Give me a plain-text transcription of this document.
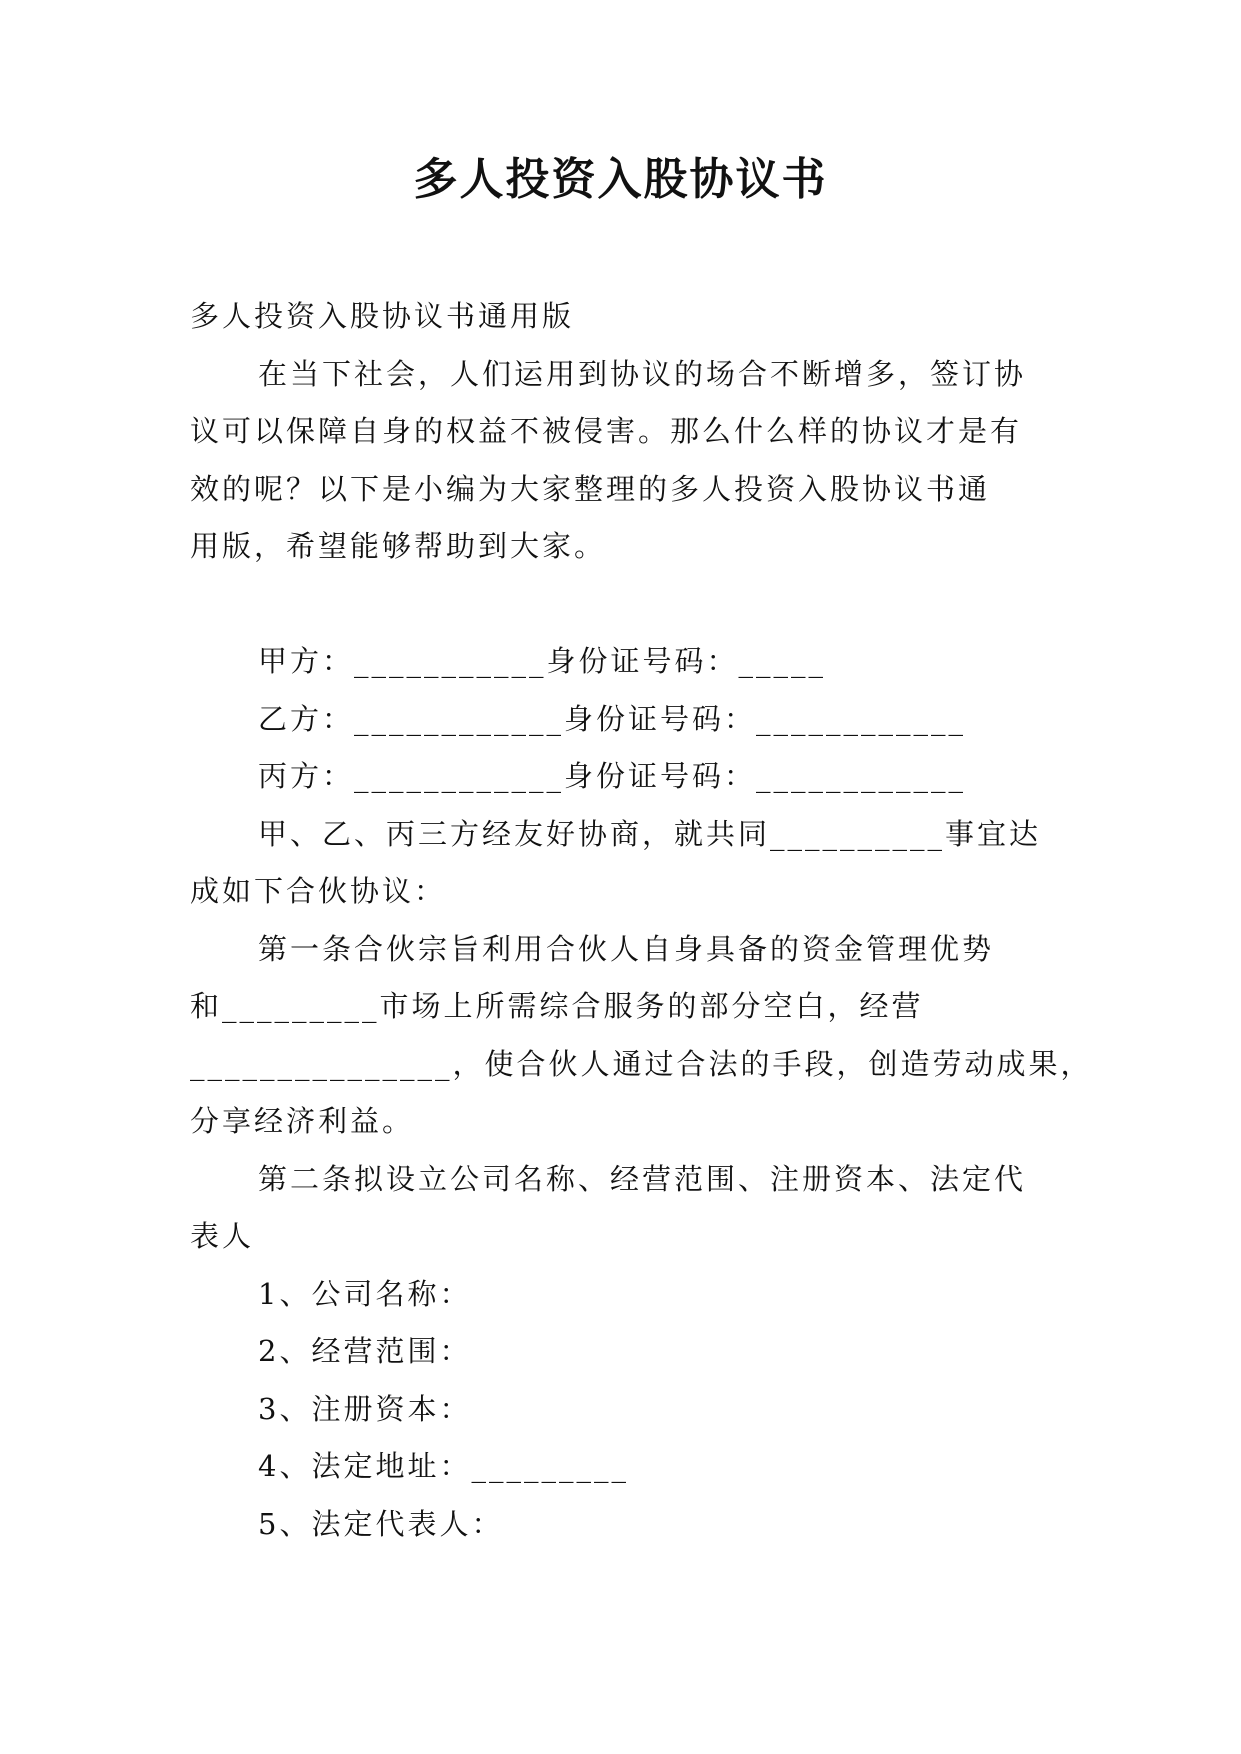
多人投资入股协议书

多人投资入股协议书通用版

在当下社会，人们运用到协议的场合不断增多，签订协

议可以保障自身的权益不被侵害。那么什么样的协议才是有

效的呢？以下是小编为大家整理的多人投资入股协议书通

用版，希望能够帮助到大家。

甲方：___________身份证号码：_____

乙方：____________身份证号码：____________

丙方：____________身份证号码：____________

甲、乙、丙三方经友好协商，就共同__________事宜达

成如下合伙协议：

第一条合伙宗旨利用合伙人自身具备的资金管理优势

和_________市场上所需综合服务的部分空白，经营

_______________，使合伙人通过合法的手段，创造劳动成果，

分享经济利益。

第二条拟设立公司名称、经营范围、注册资本、法定代

表人

1、公司名称：

2、经营范围：

3、注册资本：

4、法定地址：_________

5、法定代表人：
